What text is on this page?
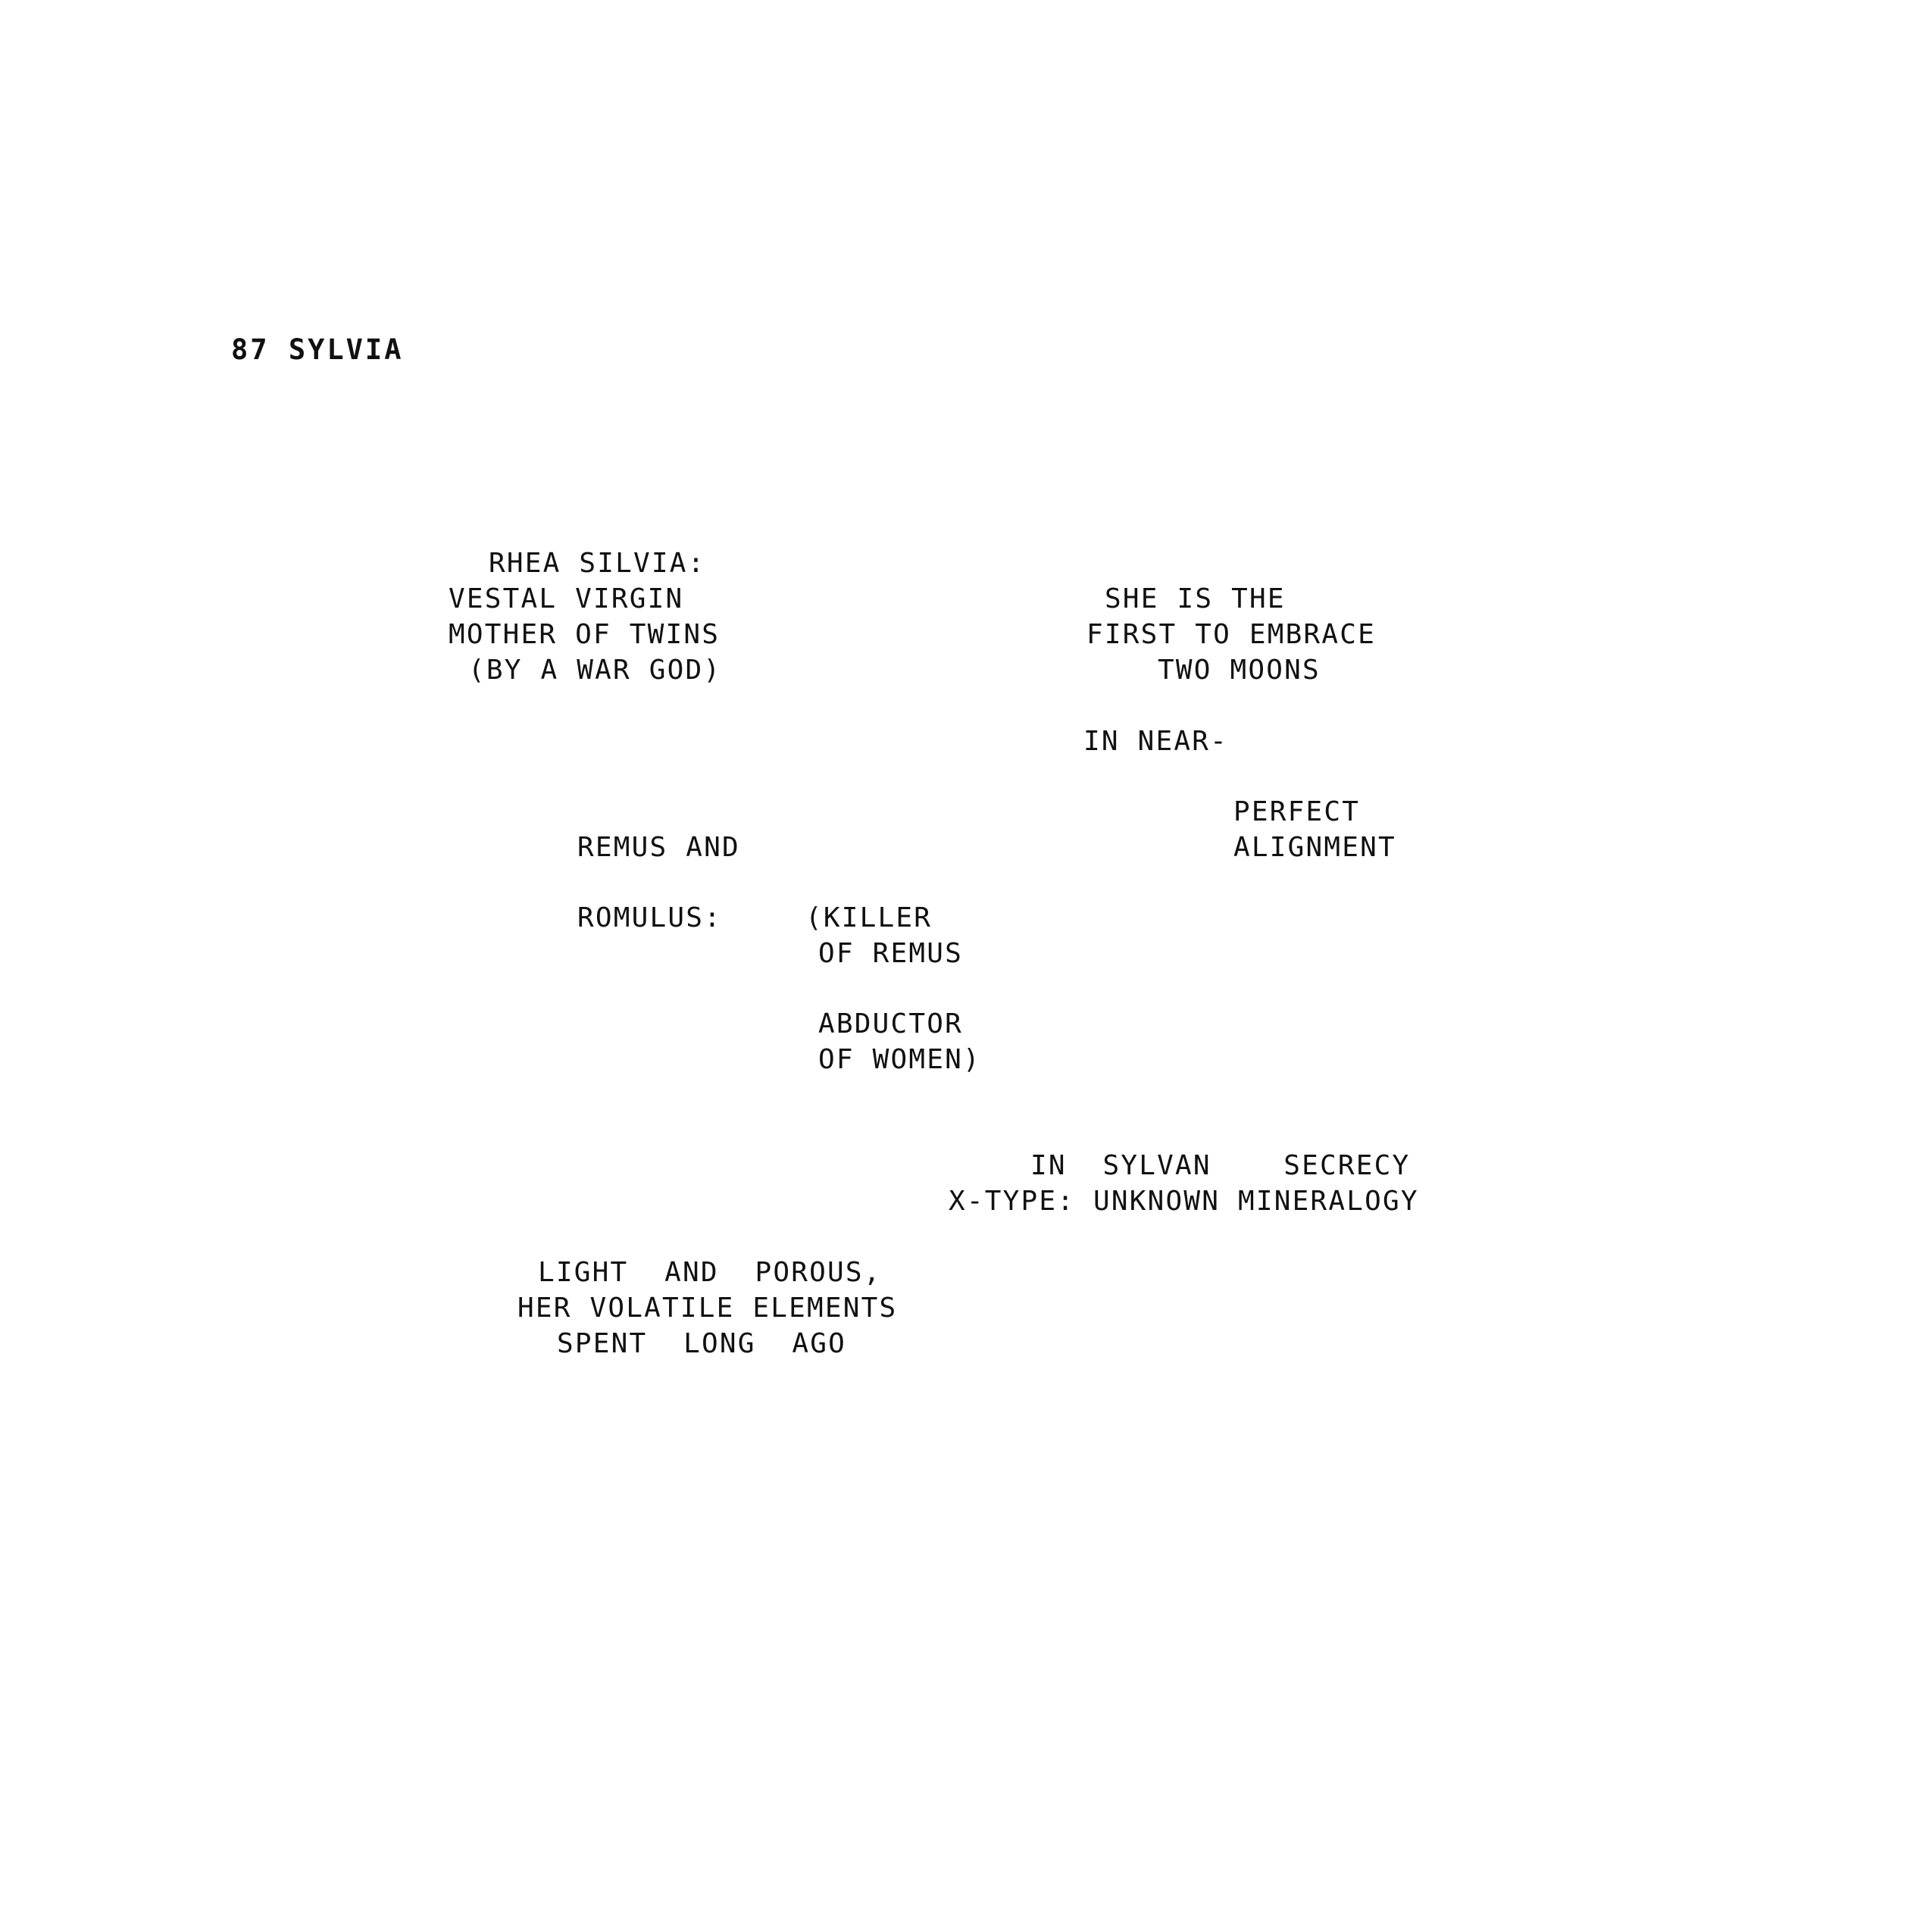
87 SYLVIA
RHEA SILVIA:
VESTAL VIRGIN
MOTHER OF TWINS
(BY A WAR GOD)
SHE IS THE
FIRST TO EMBRACE
TWO MOONS
IN NEAR-
PERFECT
ALIGNMENT
REMUS AND
ROMULUS:	(KILLER
OF REMUS
ABDUCTOR
OF WOMEN)
IN  SYLVAN    SECRECY
X-TYPE: UNKNOWN MINERALOGY
LIGHT  AND  POROUS,
HER VOLATILE ELEMENTS
SPENT  LONG  AGO
